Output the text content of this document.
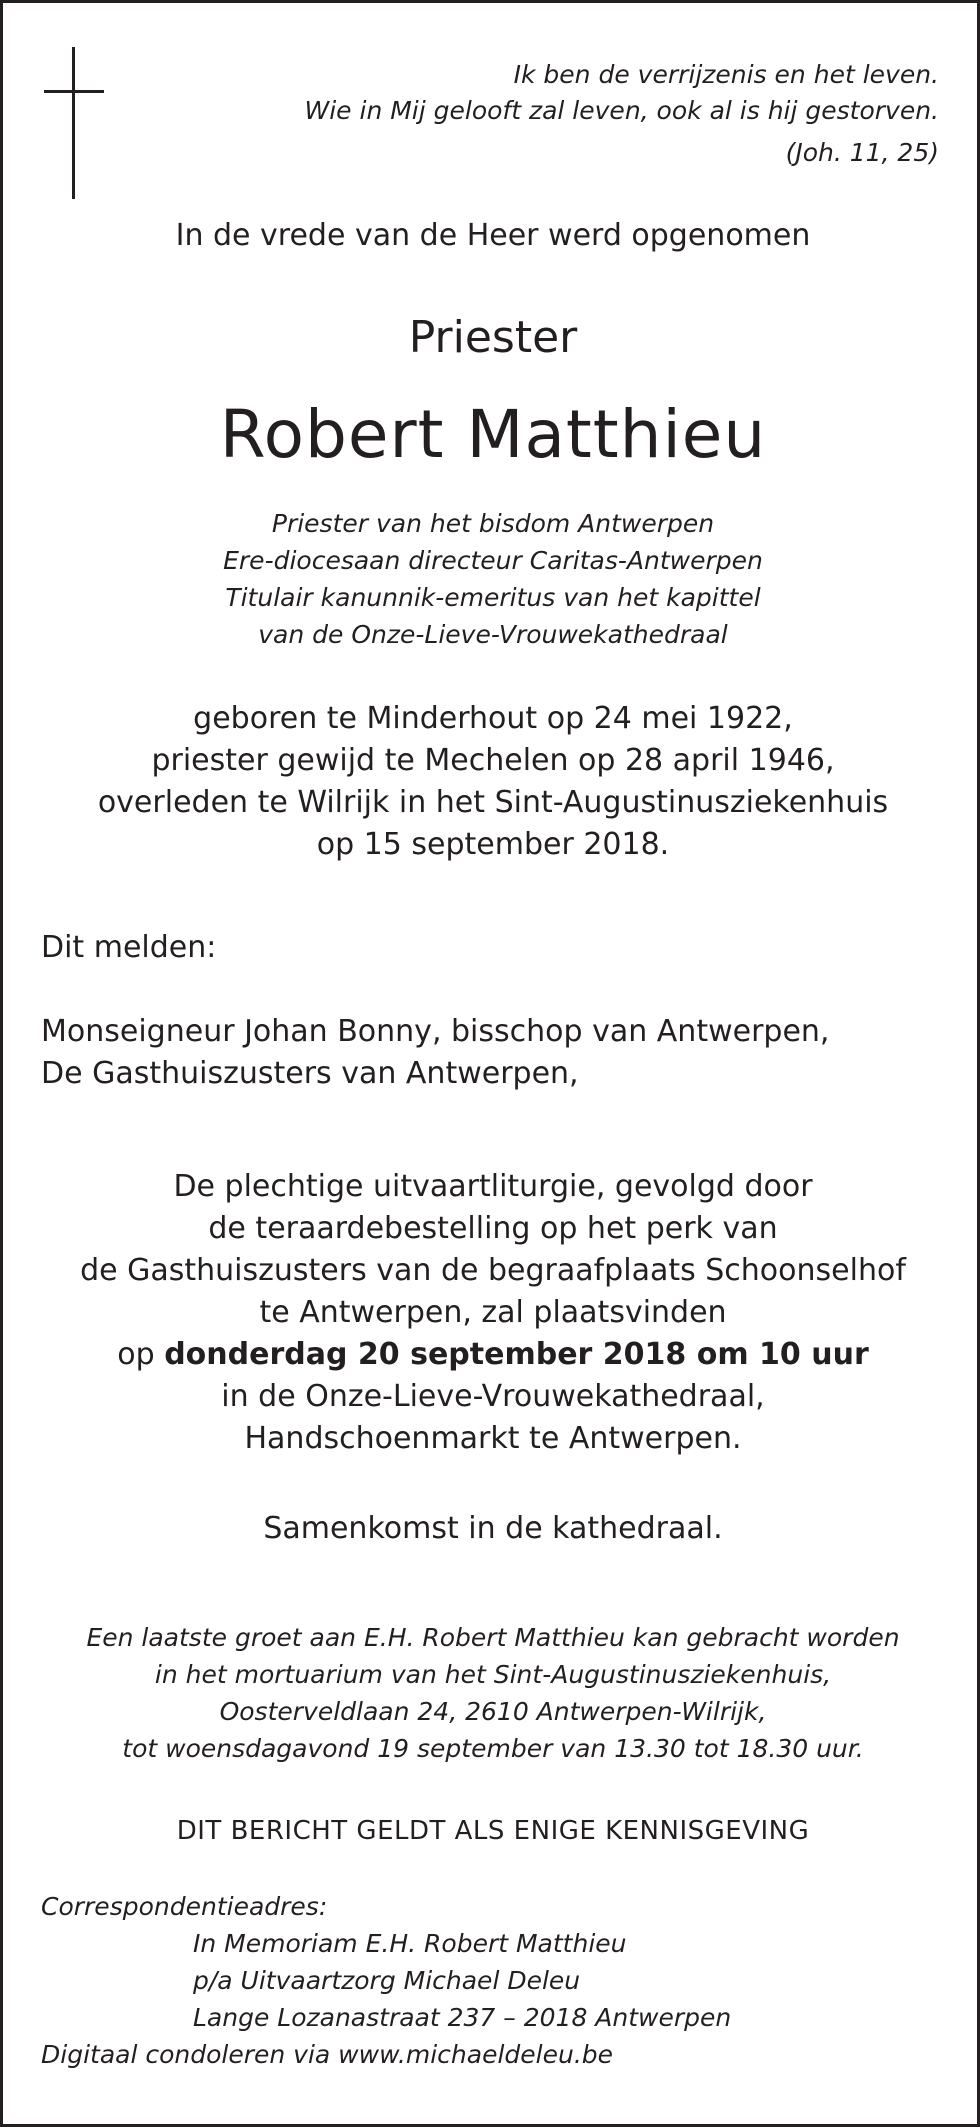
Ik ben de verrijzenis en het leven.
Wie in Mij gelooft zal leven, ook al is hij gestorven.
(Joh. 11, 25)
In de vrede van de Heer werd opgenomen
Priester
Robert Matthieu
Priester van het bisdom Antwerpen
Ere-diocesaan directeur Caritas-Antwerpen
Titulair kanunnik-emeritus van het kapittel
van de Onze-Lieve-Vrouwekathedraal
geboren te Minderhout op 24 mei 1922,
priester gewijd te Mechelen op 28 april 1946,
overleden te Wilrijk in het Sint-Augustinusziekenhuis
op 15 september 2018.
Dit melden:
Monseigneur Johan Bonny, bisschop van Antwerpen,
De Gasthuiszusters van Antwerpen,
De plechtige uitvaartliturgie, gevolgd door
de teraardebestelling op het perk van
de Gasthuiszusters van de begraafplaats Schoonselhof
te Antwerpen, zal plaatsvinden
op donderdag 20 september 2018 om 10 uur
in de Onze-Lieve-Vrouwekathedraal,
Handschoenmarkt te Antwerpen.
Samenkomst in de kathedraal.
Een laatste groet aan E.H. Robert Matthieu kan gebracht worden
in het mortuarium van het Sint-Augustinusziekenhuis,
Oosterveldlaan 24, 2610 Antwerpen-Wilrijk,
tot woensdagavond 19 september van 13.30 tot 18.30 uur.
DIT BERICHT GELDT ALS ENIGE KENNISGEVING
Correspondentieadres:
In Memoriam E.H. Robert Matthieu
p/a Uitvaartzorg Michael Deleu
Lange Lozanastraat 237 – 2018 Antwerpen
Digitaal condoleren via www.michaeldeleu.be
